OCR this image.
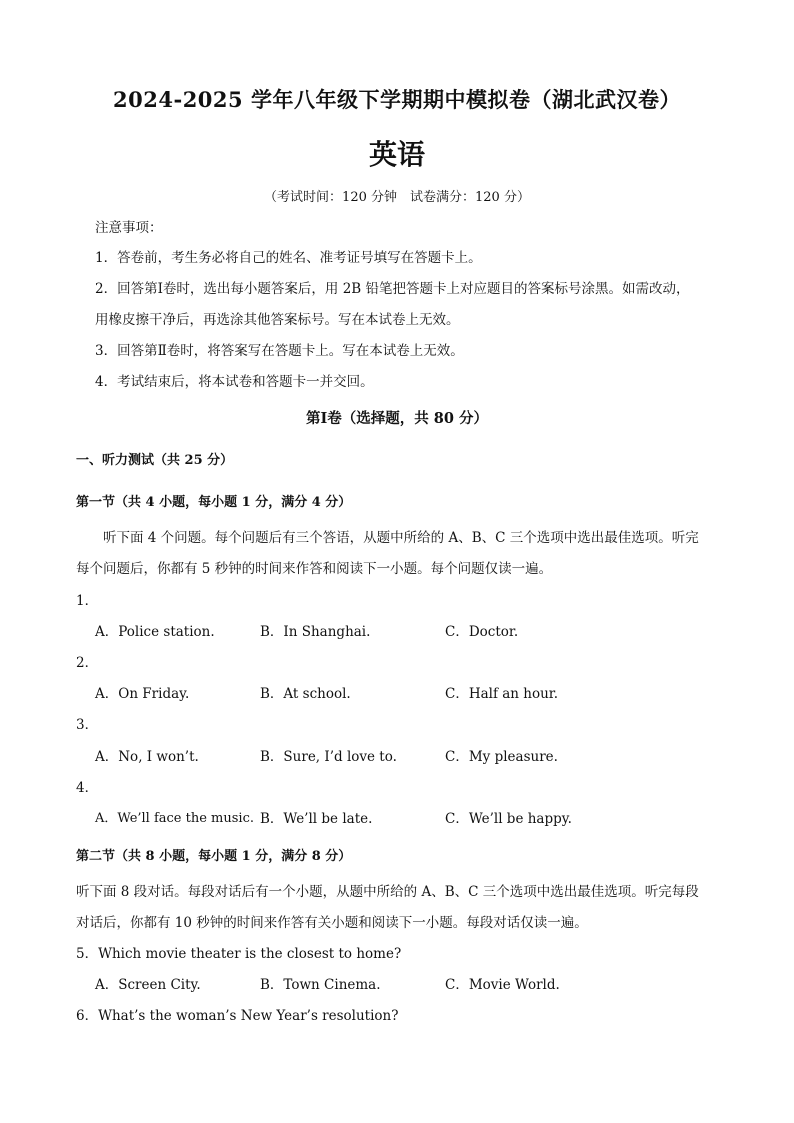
2024-2025 学年八年级下学期期中模拟卷（湖北武汉卷）
英语
（考试时间：120 分钟　试卷满分：120 分）
注意事项：
1．答卷前，考生务必将自己的姓名、准考证号填写在答题卡上。
2．回答第Ⅰ卷时，选出每小题答案后，用 2B 铅笔把答题卡上对应题目的答案标号涂黑。如需改动，
用橡皮擦干净后，再选涂其他答案标号。写在本试卷上无效。
3．回答第Ⅱ卷时，将答案写在答题卡上。写在本试卷上无效。
4．考试结束后，将本试卷和答题卡一并交回。
第Ⅰ卷（选择题，共 80 分）
一、听力测试（共 25 分）
第一节（共 4 小题，每小题 1 分，满分 4 分）
听下面 4 个问题。每个问题后有三个答语，从题中所给的 A、B、C 三个选项中选出最佳选项。听完
每个问题后，你都有 5 秒钟的时间来作答和阅读下一小题。每个问题仅读一遍。
1．
A．Police station.	B．In Shanghai.	C．Doctor.
2．
A．On Friday.	B．At school.	C．Half an hour.
3．
A．No, I won’t.	B．Sure, I’d love to.	C．My pleasure.
4．
A．We’ll face the music. B．We’ll be late.	C．We’ll be happy.
第二节（共 8 小题，每小题 1 分，满分 8 分）
听下面 8 段对话。每段对话后有一个小题，从题中所给的 A、B、C 三个选项中选出最佳选项。听完每段
对话后，你都有 10 秒钟的时间来作答有关小题和阅读下一小题。每段对话仅读一遍。
5．Which movie theater is the closest to home?
A．Screen City.	B．Town Cinema.	C．Movie World.
6．What’s the woman’s New Year’s resolution?
